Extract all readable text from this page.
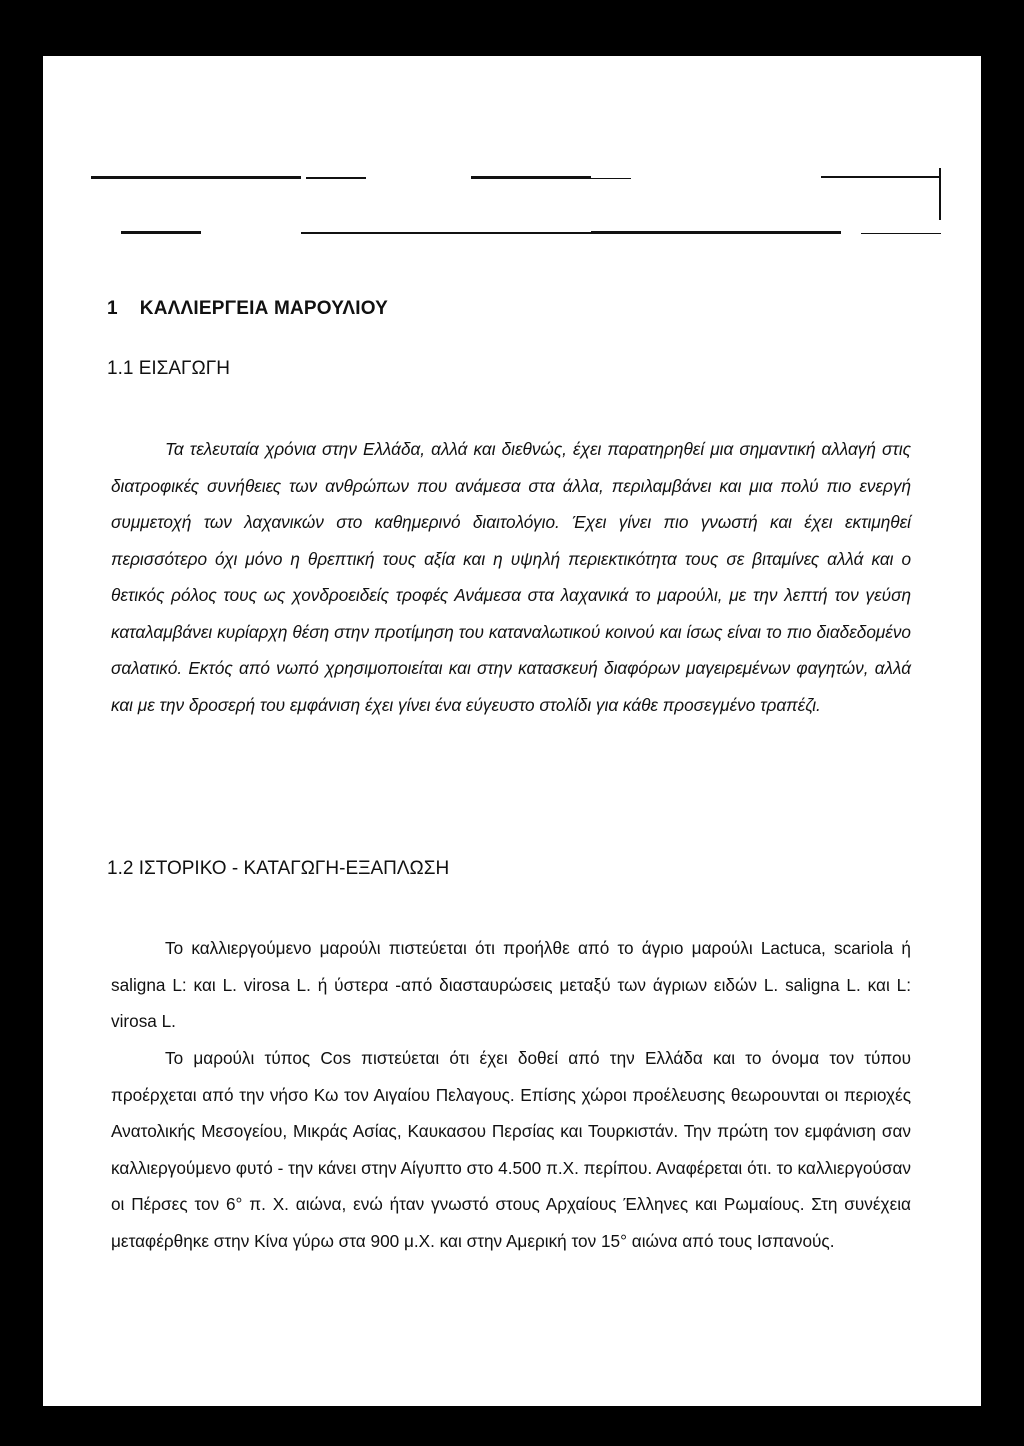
1 ΚΑΛΛΙΕΡΓΕΙΑ ΜΑΡΟΥΛΙΟΥ
1.1 ΕΙΣΑΓΩΓΗ

Τα τελευταία χρόνια στην Ελλάδα, αλλά και διεθνώς, έχει παρατηρηθεί μια σημαντική αλλαγή στις διατροφικές συνήθειες των ανθρώπων που ανάμεσα στα άλλα, περιλαμβάνει και μια πολύ πιο ενεργή συμμετοχή των λαχανικών στο καθημερινό διαιτολόγιο. Έχει γίνει πιο γνωστή και έχει εκτιμηθεί περισσότερο όχι μόνο η θρεπτική τους αξία και η υψηλή περιεκτικότητα τους σε βιταμίνες αλλά και ο θετικός ρόλος τους ως χονδροειδείς τροφές Ανάμεσα στα λαχανικά το μαρούλι, με την λεπτή τον γεύση καταλαμβάνει κυρίαρχη θέση στην προτίμηση του καταναλωτικού κοινού και ίσως είναι το πιο διαδεδομένο σαλατικό. Εκτός από νωπό χρησιμοποιείται και στην κατασκευή διαφόρων μαγειρεμένων φαγητών, αλλά και με την δροσερή του εμφάνιση έχει γίνει ένα εύγευστο στολίδι για κάθε προσεγμένο τραπέζι.

1.2 ΙΣΤΟΡΙΚΟ - ΚΑΤΑΓΩΓΗ-ΕΞΑΠΛΩΣΗ

Το καλλιεργούμενο μαρούλι πιστεύεται ότι προήλθε από το άγριο μαρούλι Lactuca, scariola ή saligna L: και L. virosa L. ή ύστερα -από διασταυρώσεις μεταξύ των άγριων ειδών L. saligna L. και L: virosa L.

Το μαρούλι τύπος Cos πιστεύεται ότι έχει δοθεί από την Ελλάδα και το όνομα τον τύπου προέρχεται από την νήσο Κω τον Αιγαίου Πελαγους. Επίσης χώροι προέλευσης θεωρουνται οι περιοχές Ανατολικής Μεσογείου, Μικράς Ασίας, Καυκασου Περσίας και Τουρκιστάν. Την πρώτη τον εμφάνιση σαν καλλιεργούμενο φυτό - την κάνει στην Αίγυπτο στο 4.500 π.Χ. περίπου. Αναφέρεται ότι. το καλλιεργούσαν οι Πέρσες τον 6° π. Χ. αιώνα, ενώ ήταν γνωστό στους Αρχαίους Έλληνες και Ρωμαίους. Στη συνέχεια μεταφέρθηκε στην Κίνα γύρω στα 900 μ.Χ. και στην Αμερική τον 15° αιώνα από τους Ισπανούς.
